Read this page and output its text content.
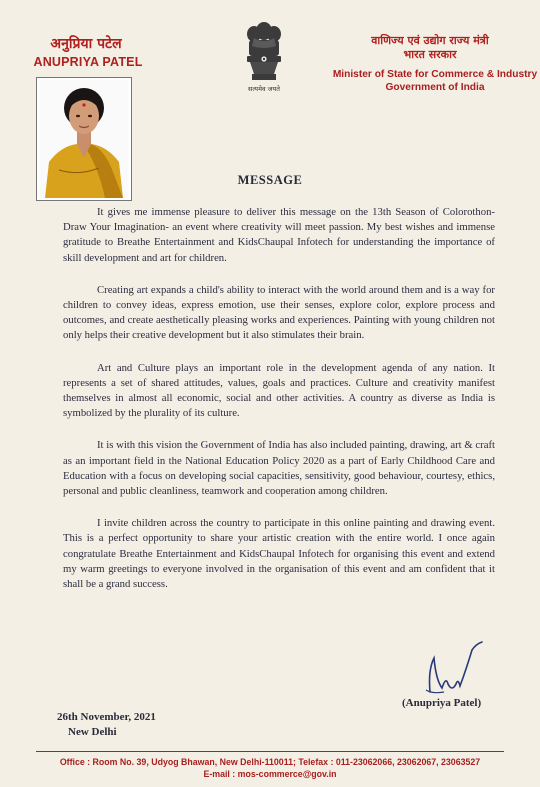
अनुप्रिया पटेल
ANUPRIYA PATEL
सत्यमेव जयते
वाणिज्य एवं उद्योग राज्य मंत्री
भारत सरकार
Minister of State for Commerce & Industry
Government of India
MESSAGE

It gives me immense pleasure to deliver this message on the 13th Season of Colorothon- Draw Your Imagination- an event where creativity will meet passion. My best wishes and immense gratitude to Breathe Entertainment and KidsChaupal Infotech for understanding the importance of skill development and art for children.

Creating art expands a child's ability to interact with the world around them and is a way for children to convey ideas, express emotion, use their senses, explore color, explore process and outcomes, and create aesthetically pleasing works and experiences. Painting with young children not only helps their creative development but it also stimulates their brain.

Art and Culture plays an important role in the development agenda of any nation. It represents a set of shared attitudes, values, goals and practices. Culture and creativity manifest themselves in almost all economic, social and other activities. A country as diverse as India is symbolized by the plurality of its culture.

It is with this vision the Government of India has also included painting, drawing, art & craft as an important field in the National Education Policy 2020 as a part of Early Childhood Care and Education with a focus on developing social capacities, sensitivity, good behaviour, courtesy, ethics, personal and public cleanliness, teamwork and cooperation among children.

I invite children across the country to participate in this online painting and drawing event. This is a perfect opportunity to share your artistic creation with the entire world. I once again congratulate Breathe Entertainment and KidsChaupal Infotech for organising this event and extend my warm greetings to everyone involved in the organisation of this event and am confident that it shall be a grand success.

(Anupriya Patel)
26th November, 2021
New Delhi
Office : Room No. 39, Udyog Bhawan, New Delhi-110011; Telefax : 011-23062066, 23062067, 23063527
E-mail : mos-commerce@gov.in
